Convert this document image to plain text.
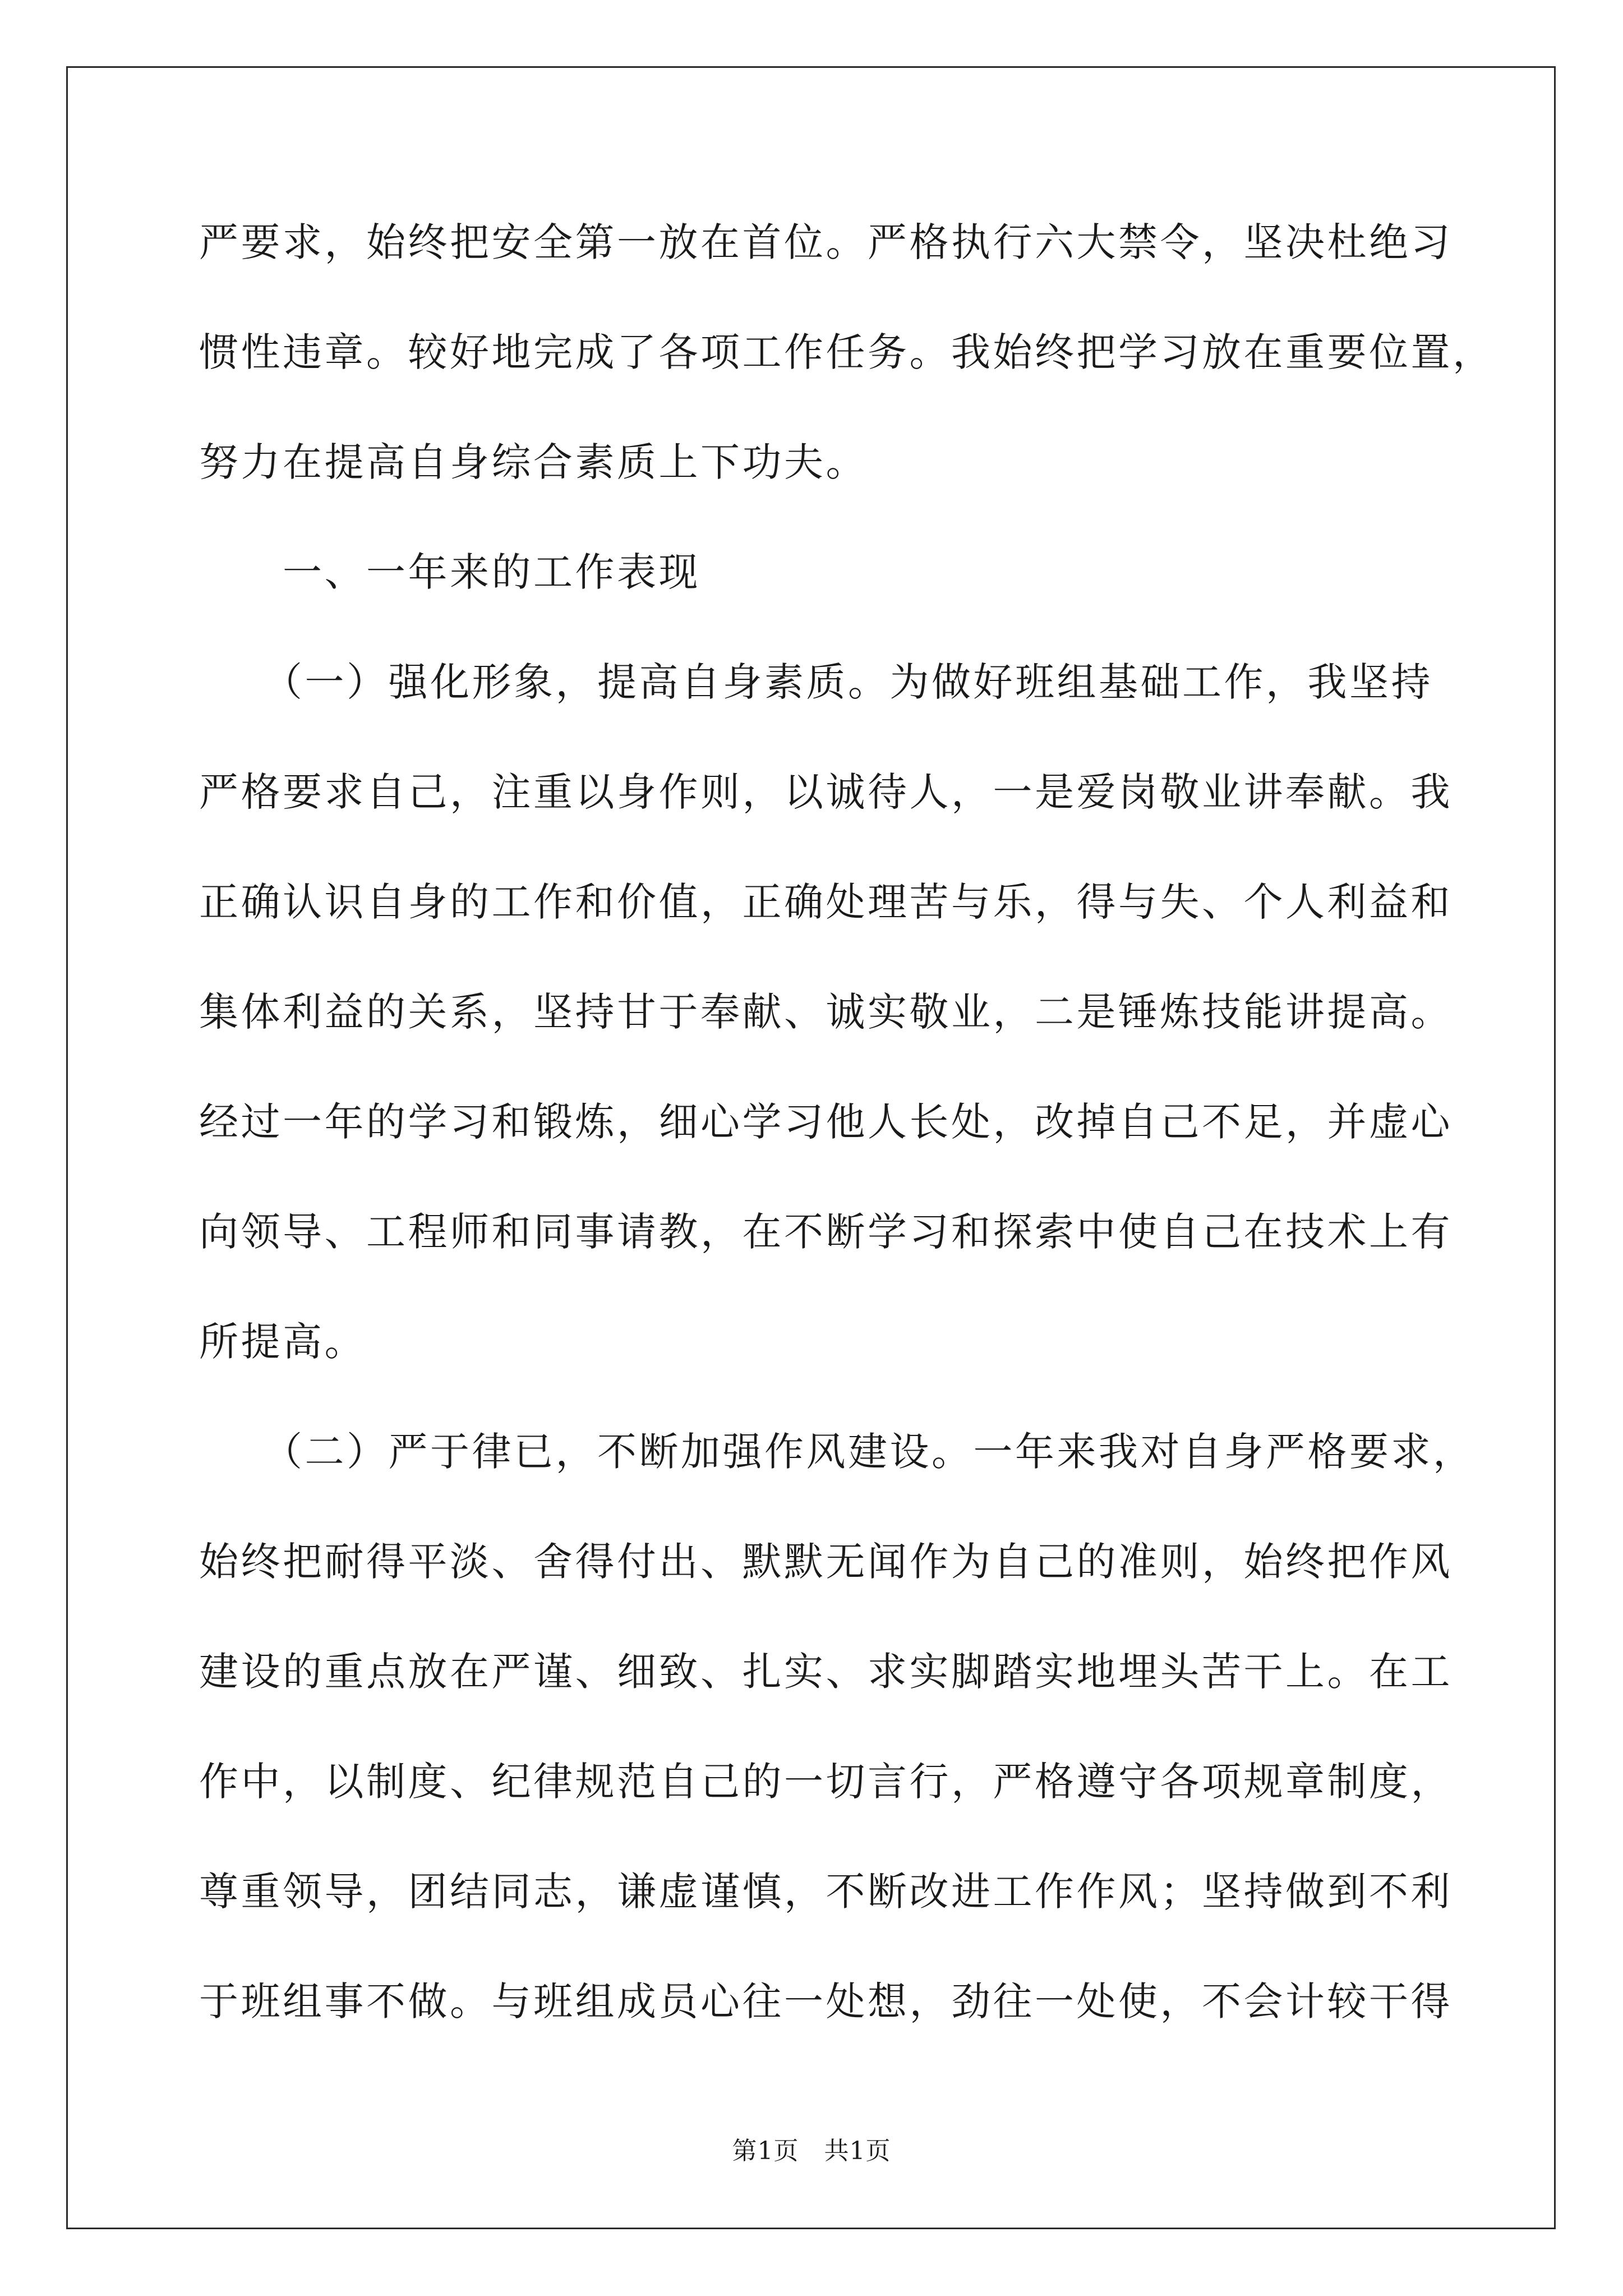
严要求，始终把安全第一放在首位。严格执行六大禁令，坚决杜绝习
惯性违章。较好地完成了各项工作任务。我始终把学习放在重要位置，
努力在提高自身综合素质上下功夫。
　　一、一年来的工作表现
　　（一）强化形象，提高自身素质。为做好班组基础工作，我坚持
严格要求自己，注重以身作则，以诚待人，一是爱岗敬业讲奉献。我
正确认识自身的工作和价值，正确处理苦与乐，得与失、个人利益和
集体利益的关系，坚持甘于奉献、诚实敬业，二是锤炼技能讲提高。
经过一年的学习和锻炼，细心学习他人长处，改掉自己不足，并虚心
向领导、工程师和同事请教，在不断学习和探索中使自己在技术上有
所提高。
　　（二）严于律已，不断加强作风建设。一年来我对自身严格要求，
始终把耐得平淡、舍得付出、默默无闻作为自己的准则，始终把作风
建设的重点放在严谨、细致、扎实、求实脚踏实地埋头苦干上。在工
作中，以制度、纪律规范自己的一切言行，严格遵守各项规章制度，
尊重领导，团结同志，谦虚谨慎，不断改进工作作风；坚持做到不利
于班组事不做。与班组成员心往一处想，劲往一处使，不会计较干得
第1页　共1页
